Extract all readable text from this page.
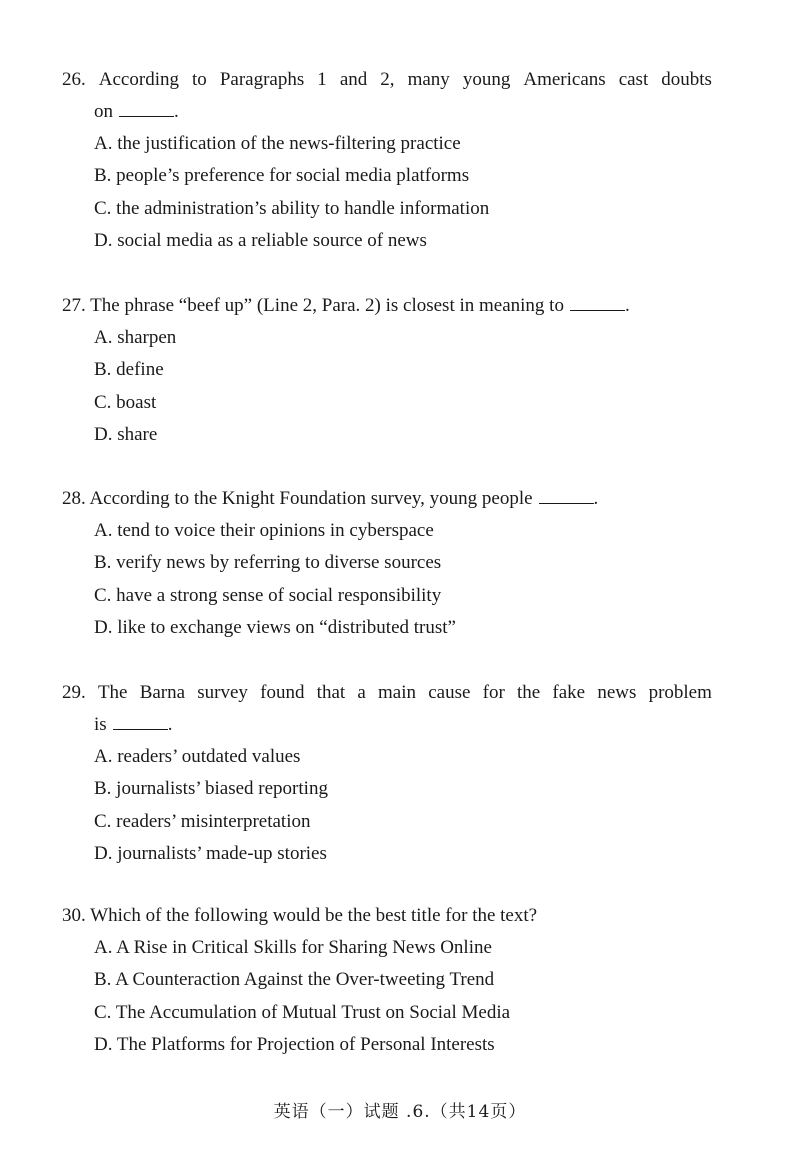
26. According to Paragraphs 1 and 2, many young Americans cast doubts

on	.

A. the justification of the news-filtering practice
B. people’s preference for social media platforms
C. the administration’s ability to handle information
D. social media as a reliable source of news

27. The phrase “beef up” (Line 2, Para. 2) is closest in meaning to	.

A. sharpen
B. define
C. boast
D. share

28. According to the Knight Foundation survey, young people	.

A. tend to voice their opinions in cyberspace
B. verify news by referring to diverse sources
C. have a strong sense of social responsibility
D. like to exchange views on “distributed trust”
29. The Barna survey found that a main cause for the fake news problem

is	.

A. readers’ outdated values
B. journalists’ biased reporting
C. readers’ misinterpretation
D. journalists’ made-up stories

30. Which of the following would be the best title for the text?

A. A Rise in Critical Skills for Sharing News Online
B. A Counteraction Against the Over-tweeting Trend
C. The Accumulation of Mutual Trust on Social Media
D. The Platforms for Projection of Personal Interests
英语（一）试题 .6.（共14页）
